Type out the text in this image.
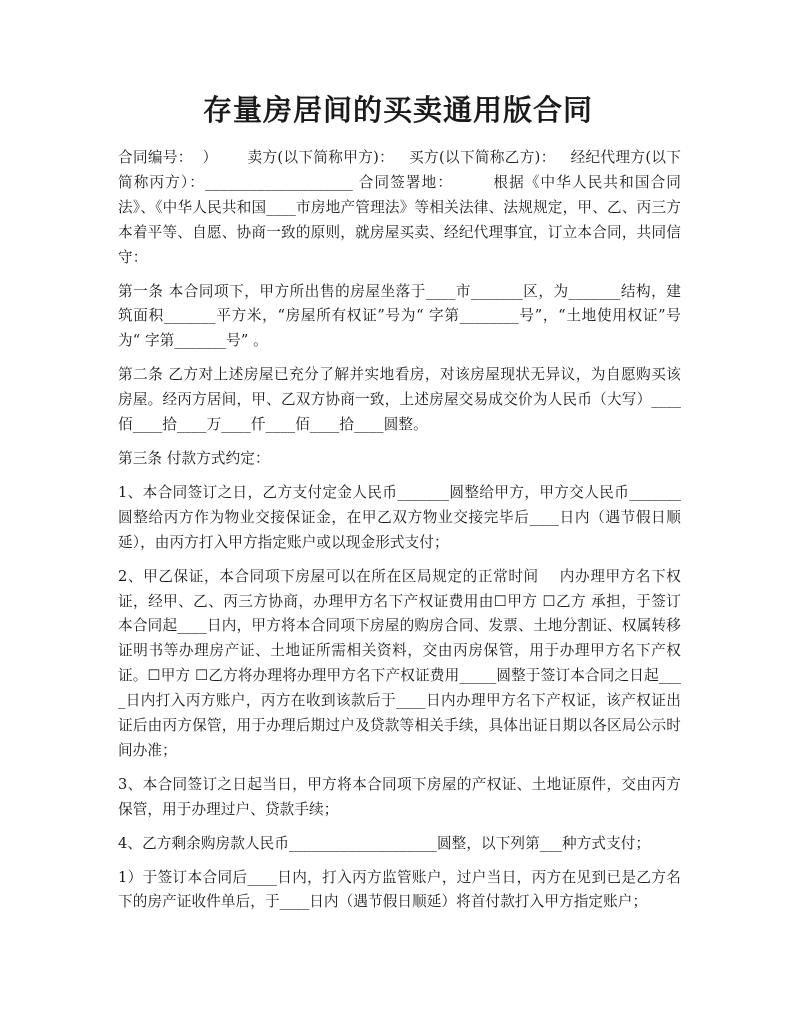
存量房居间的买卖通用版合同

合同编号：  ）      卖方(以下简称甲方)：   买方(以下简称乙方)：   经纪代理方(以下简称丙方）：____________________ 合同签署地：       根据《中华人民共和国合同法》、《中华人民共和国____市房地产管理法》等相关法律、法规规定，甲、乙、丙三方本着平等、自愿、协商一致的原则，就房屋买卖、经纪代理事宜，订立本合同，共同信守：

第一条 本合同项下，甲方所出售的房屋坐落于____市_______区，为_______结构，建筑面积_______平方米，“房屋所有权证”号为“ 字第________号”，“土地使用权证”号为“ 字第_______号” 。

第二条 乙方对上述房屋已充分了解并实地看房，对该房屋现状无异议，为自愿购买该房屋。经丙方居间，甲、乙双方协商一致，上述房屋交易成交价为人民币（大写）____佰____拾____万____仟____佰____拾____圆整。

第三条 付款方式约定：

1、本合同签订之日，乙方支付定金人民币_______圆整给甲方，甲方交人民币_______圆整给丙方作为物业交接保证金，在甲乙双方物业交接完毕后____日内（遇节假日顺延），由丙方打入甲方指定账户或以现金形式支付；

2、甲乙保证，本合同项下房屋可以在所在区局规定的正常时间    内办理甲方名下权证，经甲、乙、丙三方协商，办理甲方名下产权证费用由☐甲方 ☐乙方 承担，于签订本合同起____日内，甲方将本合同项下房屋的购房合同、发票、土地分割证、权属转移证明书等办理房产证、土地证所需相关资料，交由丙房保管，用于办理甲方名下产权证。☐甲方 ☐乙方将办理将办理甲方名下产权证费用_____圆整于签订本合同之日起____日内打入丙方账户，丙方在收到该款后于____日内办理甲方名下产权证，该产权证出证后由丙方保管，用于办理后期过户及贷款等相关手续，具体出证日期以各区局公示时间办准；

3、本合同签订之日起当日，甲方将本合同项下房屋的产权证、土地证原件，交由丙方保管，用于办理过户、贷款手续；

4、乙方剩余购房款人民币____________________圆整，以下列第___种方式支付；

1）于签订本合同后____日内，打入丙方监管账户，过户当日，丙方在见到已是乙方名下的房产证收件单后，于____日内（遇节假日顺延）将首付款打入甲方指定账户；
